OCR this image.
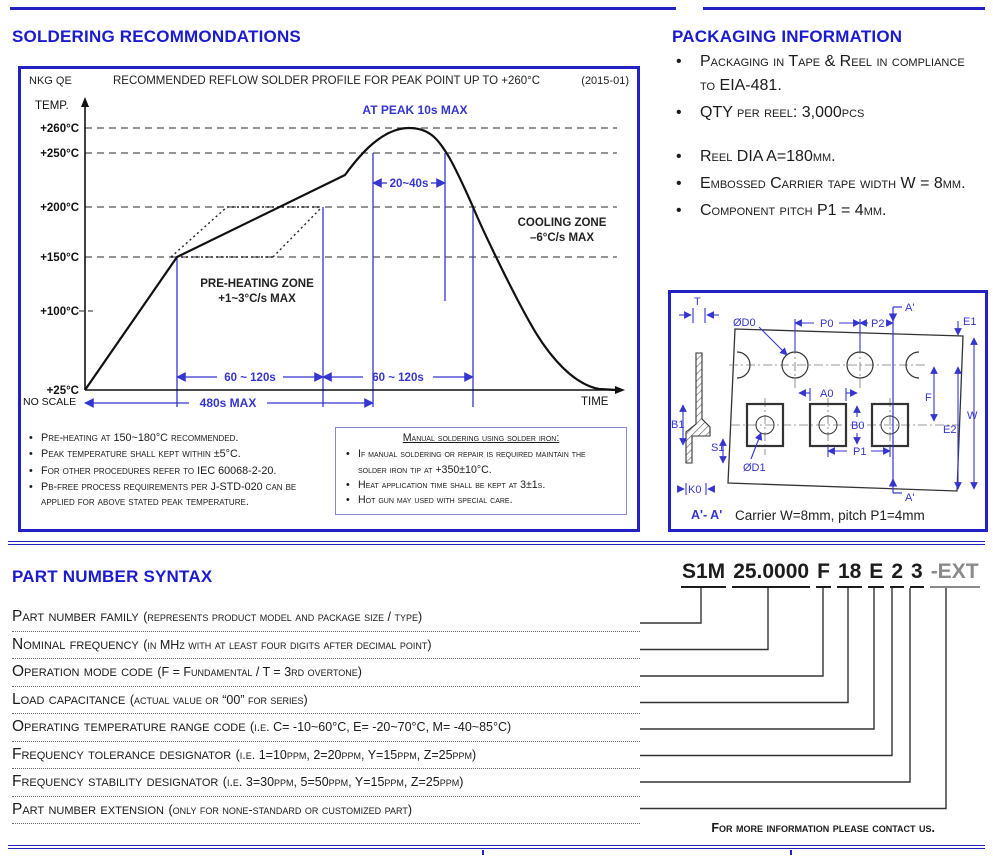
SOLDERING RECOMMONDATIONS	PACKAGING INFORMATION
NKG QE	RECOMMENDED REFLOW SOLDER PROFILE FOR PEAK POINT UP TO +260°C	(2015-01)
+260°C
+250°C
+200°C
+150°C
+100°C
+25°C
TEMP.
TIME
NO SCALE
AT PEAK 10s MAX
20~40s
60 ~ 120s	60 ~ 120s
480s MAX
PRE-HEATING ZONE
+1~3°C/s MAX
COOLING ZONE
–6°C/s MAX
• Pre-heating at 150~180°C recommended.
• Peak temperature shall kept within ±5°C.
• For other procedures refer to IEC 60068-2-20.
• Pb-free process requirements per J-STD-020 can be applied for above stated peak temperature.
Manual soldering using solder iron:
• If manual soldering or repair is required maintain the solder iron tip at +350±10°C.
• Heat application time shall be kept at 3±1s.
• Hot gun may used with special care.
• Packaging in Tape & Reel in compliance to EIA-481.
• QTY per reel: 3,000pcs
• Reel DIA A=180mm.
• Embossed Carrier tape width W = 8mm.
• Component pitch P1 = 4mm.
T
ØD0	P0	P2
A'
E1
A0	F
W
E2
B0
B1
S1
ØD1
P1
K0
A'
A'- A' Carrier W=8mm, pitch P1=4mm
PART NUMBER SYNTAX	S1M 25.0000 F 18 E 2 3 -EXT
Part number family (represents product model and package size / type)
Nominal frequency (in MHz with at least four digits after decimal point)
Operation mode code (F = Fundamental / T = 3rd overtone)
Load capacitance (actual value or “00” for series)
Operating temperature range code (i.e. C= -10~60°C, E= -20~70°C, M= -40~85°C)
Frequency tolerance designator (i.e. 1=10ppm, 2=20ppm, Y=15ppm, Z=25ppm)
Frequency stability designator (i.e. 3=30ppm, 5=50ppm, Y=15ppm, Z=25ppm)
Part number extension (only for none-standard or customized part)
For more information please contact us.
